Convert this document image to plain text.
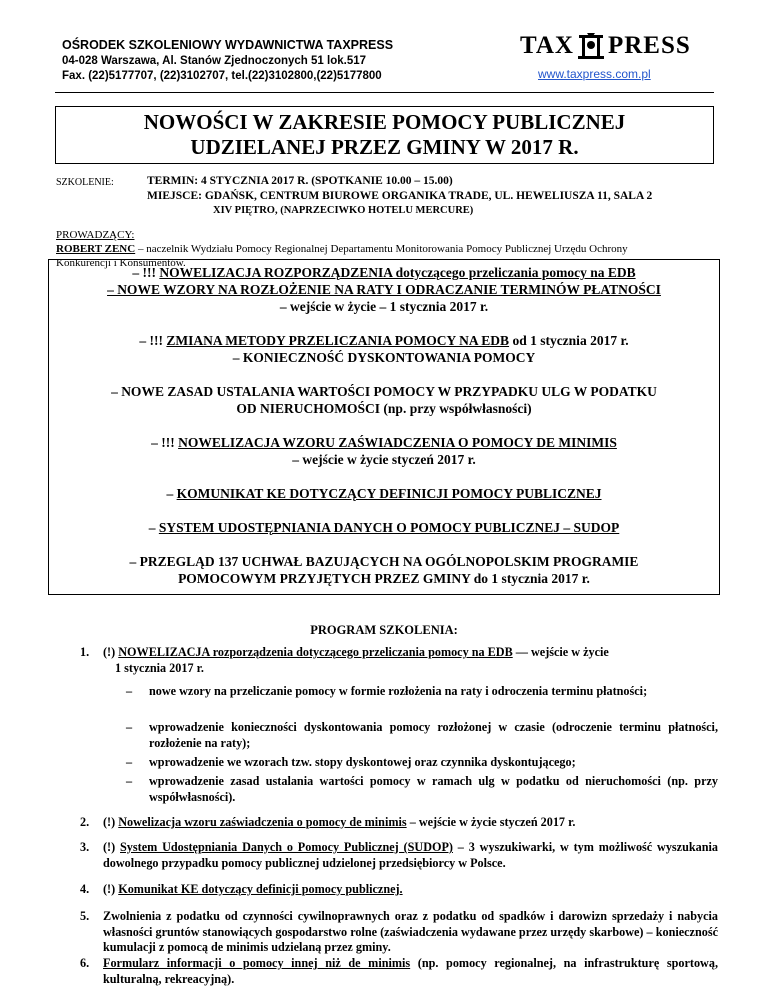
OŚRODEK SZKOLENIOWY WYDAWNICTWA TAXPRESS
04-028 Warszawa, Al. Stanów Zjednoczonych 51 lok.517
Fax. (22)5177707, (22)3102707, tel.(22)3102800,(22)5177800
TAX PRESS
www.taxpress.com.pl
NOWOŚCI W ZAKRESIE POMOCY PUBLICZNEJ
UDZIELANEJ PRZEZ GMINY W 2017 R.
SZKOLENIE:	TERMIN: 4 STYCZNIA 2017 R. (SPOTKANIE 10.00 – 15.00)
MIEJSCE: GDAŃSK, CENTRUM BIUROWE ORGANIKA TRADE, UL. HEWELIUSZA 11, SALA 2
XIV PIĘTRO, (NAPRZECIWKO HOTELU MERCURE)
PROWADZĄCY:
ROBERT ZENC – naczelnik Wydziału Pomocy Regionalnej Departamentu Monitorowania Pomocy Publicznej Urzędu Ochrony
Konkurencji i Konsumentów.

– !!! NOWELIZACJA ROZPORZĄDZENIA dotyczącego przeliczania pomocy na EDB

– NOWE WZORY NA ROZŁOŻENIE NA RATY I ODRACZANIE TERMINÓW PŁATNOŚCI

– wejście w życie – 1 stycznia 2017 r.

– !!! ZMIANA METODY PRZELICZANIA POMOCY NA EDB od 1 stycznia 2017 r.

– KONIECZNOŚĆ DYSKONTOWANIA POMOCY

– NOWE ZASAD USTALANIA WARTOŚCI POMOCY W PRZYPADKU ULG W PODATKU

OD NIERUCHOMOŚCI (np. przy współwłasności)

– !!! NOWELIZACJA WZORU ZAŚWIADCZENIA O POMOCY DE MINIMIS

– wejście w życie styczeń 2017 r.

– KOMUNIKAT KE DOTYCZĄCY DEFINICJI POMOCY PUBLICZNEJ

– SYSTEM UDOSTĘPNIANIA DANYCH O POMOCY PUBLICZNEJ – SUDOP

– PRZEGLĄD 137 UCHWAŁ BAZUJĄCYCH NA OGÓLNOPOLSKIM PROGRAMIE

POMOCOWYM PRZYJĘTYCH PRZEZ GMINY do 1 stycznia 2017 r.

PROGRAM SZKOLENIA:
1. (!) NOWELIZACJA rozporządzenia dotyczącego przeliczania pomocy na EDB — wejście w życie
1 stycznia 2017 r.
– nowe wzory na przeliczanie pomocy w formie rozłożenia na raty i odroczenia terminu płatności;
– wprowadzenie konieczności dyskontowania pomocy rozłożonej w czasie (odroczenie terminu płatności, rozłożenie na raty);
– wprowadzenie we wzorach tzw. stopy dyskontowej oraz czynnika dyskontującego;
– wprowadzenie zasad ustalania wartości pomocy w ramach ulg w podatku od nieruchomości (np. przy współwłasności).
2. (!) Nowelizacja wzoru zaświadczenia o pomocy de minimis – wejście w życie styczeń 2017 r.
3. (!) System Udostępniania Danych o Pomocy Publicznej (SUDOP) – 3 wyszukiwarki, w tym możliwość wyszukania dowolnego przypadku pomocy publicznej udzielonej przedsiębiorcy w Polsce.
4. (!) Komunikat KE dotyczący definicji pomocy publicznej.
5. Zwolnienia z podatku od czynności cywilnoprawnych oraz z podatku od spadków i darowizn sprzedaży i nabycia własności gruntów stanowiących gospodarstwo rolne (zaświadczenia wydawane przez urzędy skarbowe) – konieczność kumulacji z pomocą de minimis udzielaną przez gminy.
6. Formularz informacji o pomocy innej niż de minimis (np. pomocy regionalnej, na infrastrukturę sportową, kulturalną, rekreacyjną).
